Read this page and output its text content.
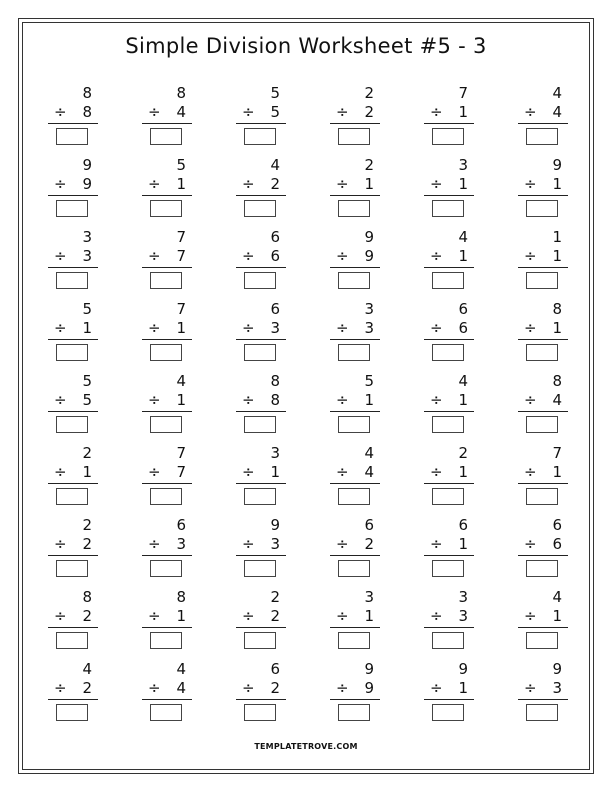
Simple Division Worksheet #5 - 3
8
÷ 8
8
÷ 4
5
÷ 5
2
÷ 2
7
÷ 1
4
÷ 4
9
÷ 9
5
÷ 1
4
÷ 2
2
÷ 1
3
÷ 1
9
÷ 1
3
÷ 3
7
÷ 7
6
÷ 6
9
÷ 9
4
÷ 1
1
÷ 1
5
÷ 1
7
÷ 1
6
÷ 3
3
÷ 3
6
÷ 6
8
÷ 1
5
÷ 5
4
÷ 1
8
÷ 8
5
÷ 1
4
÷ 1
8
÷ 4
2
÷ 1
7
÷ 7
3
÷ 1
4
÷ 4
2
÷ 1
7
÷ 1
2
÷ 2
6
÷ 3
9
÷ 3
6
÷ 2
6
÷ 1
6
÷ 6
8
÷ 2
8
÷ 1
2
÷ 2
3
÷ 1
3
÷ 3
4
÷ 1
4
÷ 2
4
÷ 4
6
÷ 2
9
÷ 9
9
÷ 1
9
÷ 3
TEMPLATETROVE.COM
